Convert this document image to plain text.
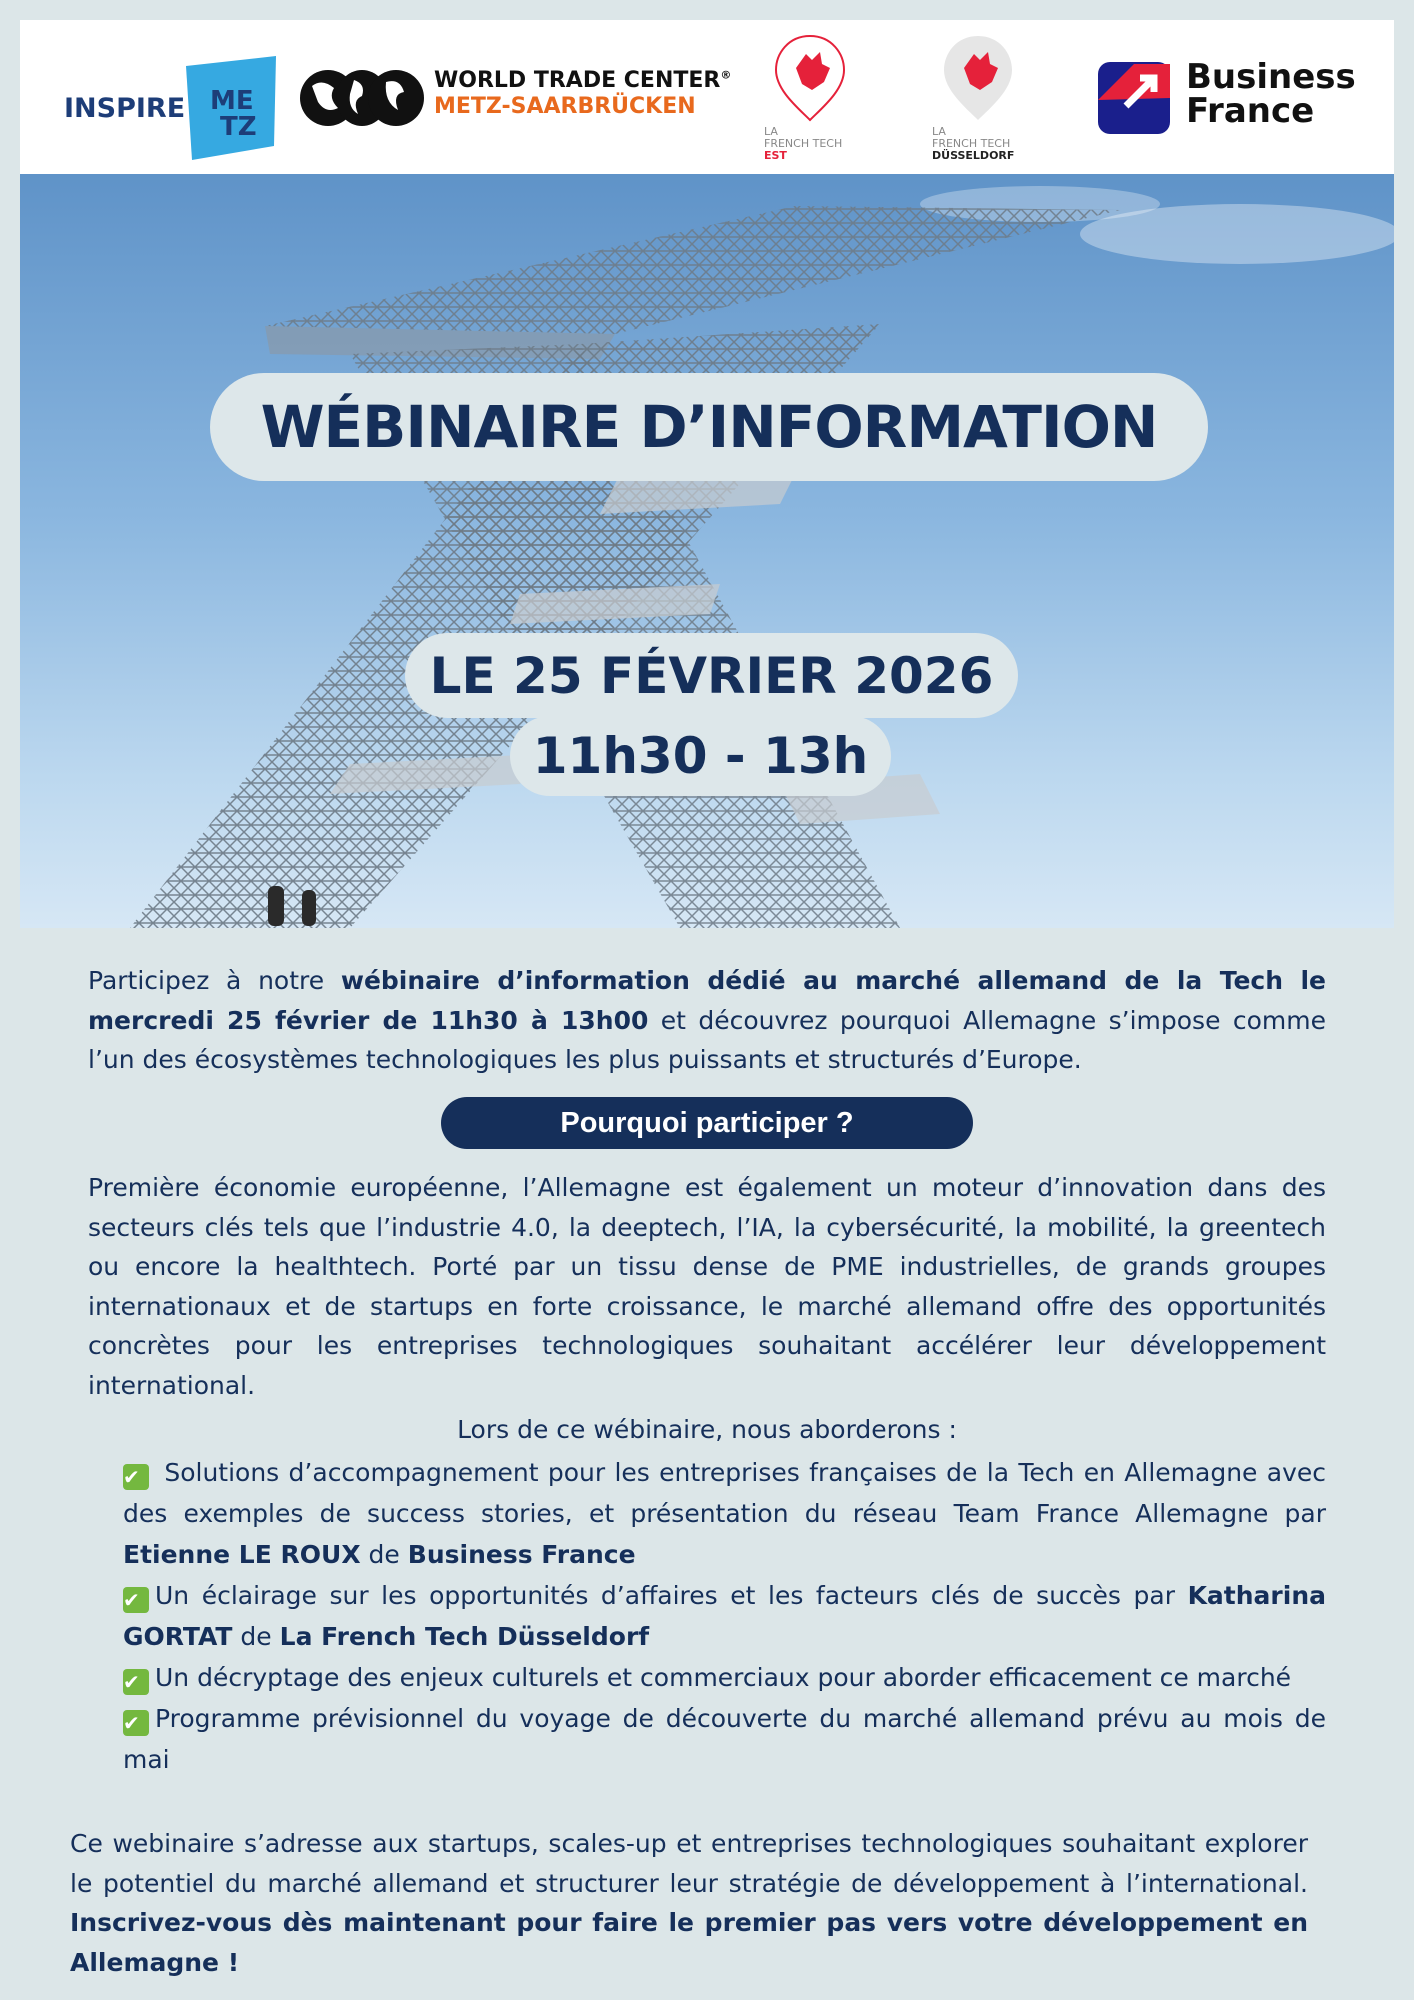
INSPIRE ME
TZ
WORLD TRADE CENTER®
METZ-SAARBRÜCKEN
LA
FRENCH TECH
EST
LA
FRENCH TECH
DÜSSELDORF
Business
France
WÉBINAIRE D’INFORMATION
LE 25 FÉVRIER 2026
11h30 - 13h

Participez à notre wébinaire d’information dédié au marché allemand de la Tech le mercredi 25 février de 11h30 à 13h00 et découvrez pourquoi Allemagne s’impose comme l’un des écosystèmes technologiques les plus puissants et structurés d’Europe.

Pourquoi participer ?

Première économie européenne, l’Allemagne est également un moteur d’innovation dans des secteurs clés tels que l’industrie 4.0, la deeptech, l’IA, la cybersécurité, la mobilité, la greentech ou encore la healthtech. Porté par un tissu dense de PME industrielles, de grands groupes internationaux et de startups en forte croissance, le marché allemand offre des opportunités concrètes pour les entreprises technologiques souhaitant accélérer leur développement international.

Lors de ce wébinaire, nous aborderons :
✔ Solutions d’accompagnement pour les entreprises françaises de la Tech en Allemagne avec des exemples de success stories, et présentation du réseau Team France Allemagne par Etienne LE ROUX de Business France
✔ Un éclairage sur les opportunités d’affaires et les facteurs clés de succès par Katharina GORTAT de La French Tech Düsseldorf
✔ Un décryptage des enjeux culturels et commerciaux pour aborder efficacement ce marché
✔ Programme prévisionnel du voyage de découverte du marché allemand prévu au mois de mai

Ce webinaire s’adresse aux startups, scales-up et entreprises technologiques souhaitant explorer le potentiel du marché allemand et structurer leur stratégie de développement à l’international. Inscrivez-vous dès maintenant pour faire le premier pas vers votre développement en Allemagne !
